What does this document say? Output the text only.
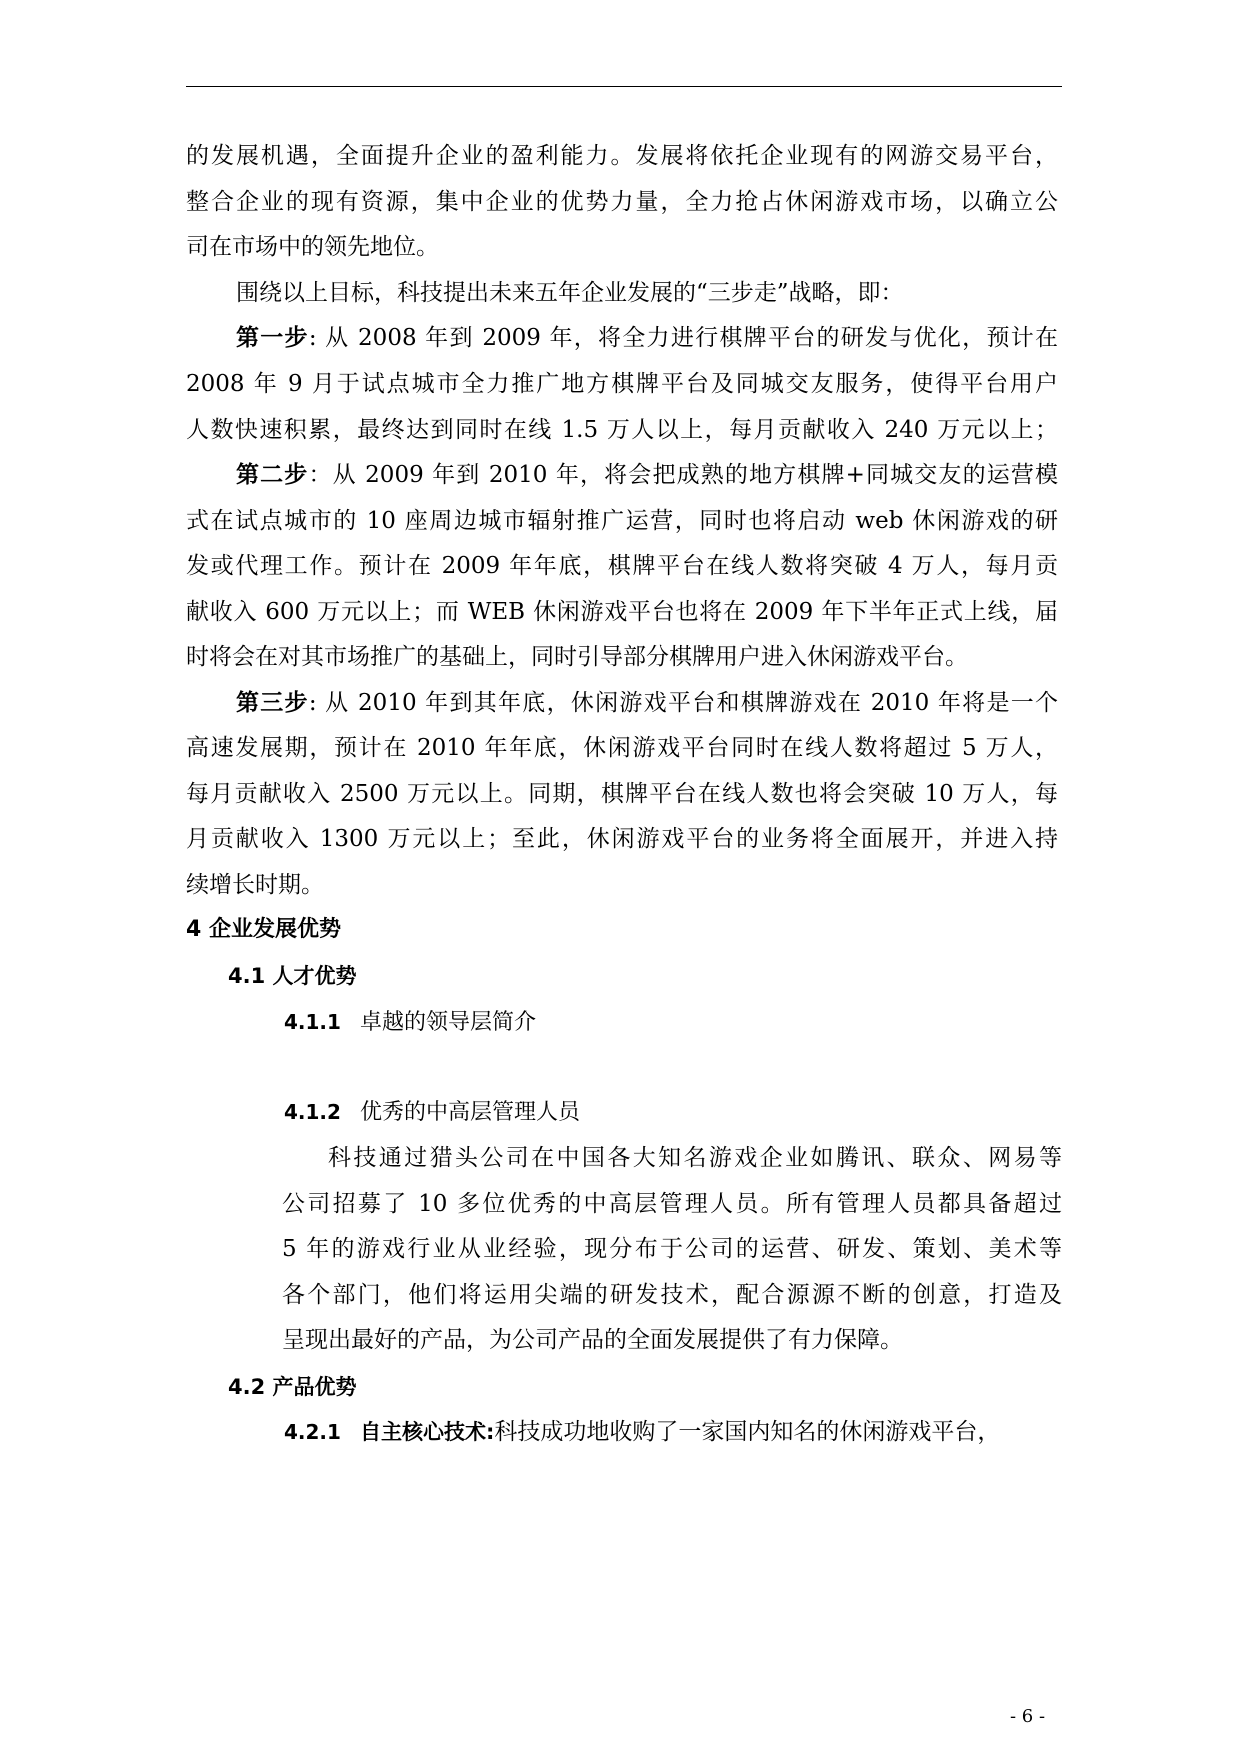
的发展机遇，全面提升企业的盈利能力。发展将依托企业现有的网游交易平台，
整合企业的现有资源，集中企业的优势力量，全力抢占休闲游戏市场，以确立公
司在市场中的领先地位。
围绕以上目标，科技提出未来五年企业发展的“三步走”战略，即：
第一步: 从 2008 年到 2009 年，将全力进行棋牌平台的研发与优化，预计在
2008 年 9 月于试点城市全力推广地方棋牌平台及同城交友服务，使得平台用户
人数快速积累，最终达到同时在线 1.5 万人以上，每月贡献收入 240 万元以上；
第二步：从 2009 年到 2010 年，将会把成熟的地方棋牌+同城交友的运营模
式在试点城市的 10 座周边城市辐射推广运营，同时也将启动 web 休闲游戏的研
发或代理工作。预计在 2009 年年底，棋牌平台在线人数将突破 4 万人，每月贡
献收入 600 万元以上；而 WEB 休闲游戏平台也将在 2009 年下半年正式上线，届
时将会在对其市场推广的基础上，同时引导部分棋牌用户进入休闲游戏平台。
第三步: 从 2010 年到其年底，休闲游戏平台和棋牌游戏在 2010 年将是一个
高速发展期，预计在 2010 年年底，休闲游戏平台同时在线人数将超过 5 万人，
每月贡献收入 2500 万元以上。同期，棋牌平台在线人数也将会突破 10 万人，每
月贡献收入 1300 万元以上；至此，休闲游戏平台的业务将全面展开，并进入持
续增长时期。
4 企业发展优势
4.1 人才优势
4.1.1 卓越的领导层简介
4.1.2 优秀的中高层管理人员
科技通过猎头公司在中国各大知名游戏企业如腾讯、联众、网易等
公司招募了 10 多位优秀的中高层管理人员。所有管理人员都具备超过
5 年的游戏行业从业经验，现分布于公司的运营、研发、策划、美术等
各个部门，他们将运用尖端的研发技术，配合源源不断的创意，打造及
呈现出最好的产品，为公司产品的全面发展提供了有力保障。
4.2 产品优势
4.2.1 自主核心技术: 科技成功地收购了一家国内知名的休闲游戏平台，
- 6 -
